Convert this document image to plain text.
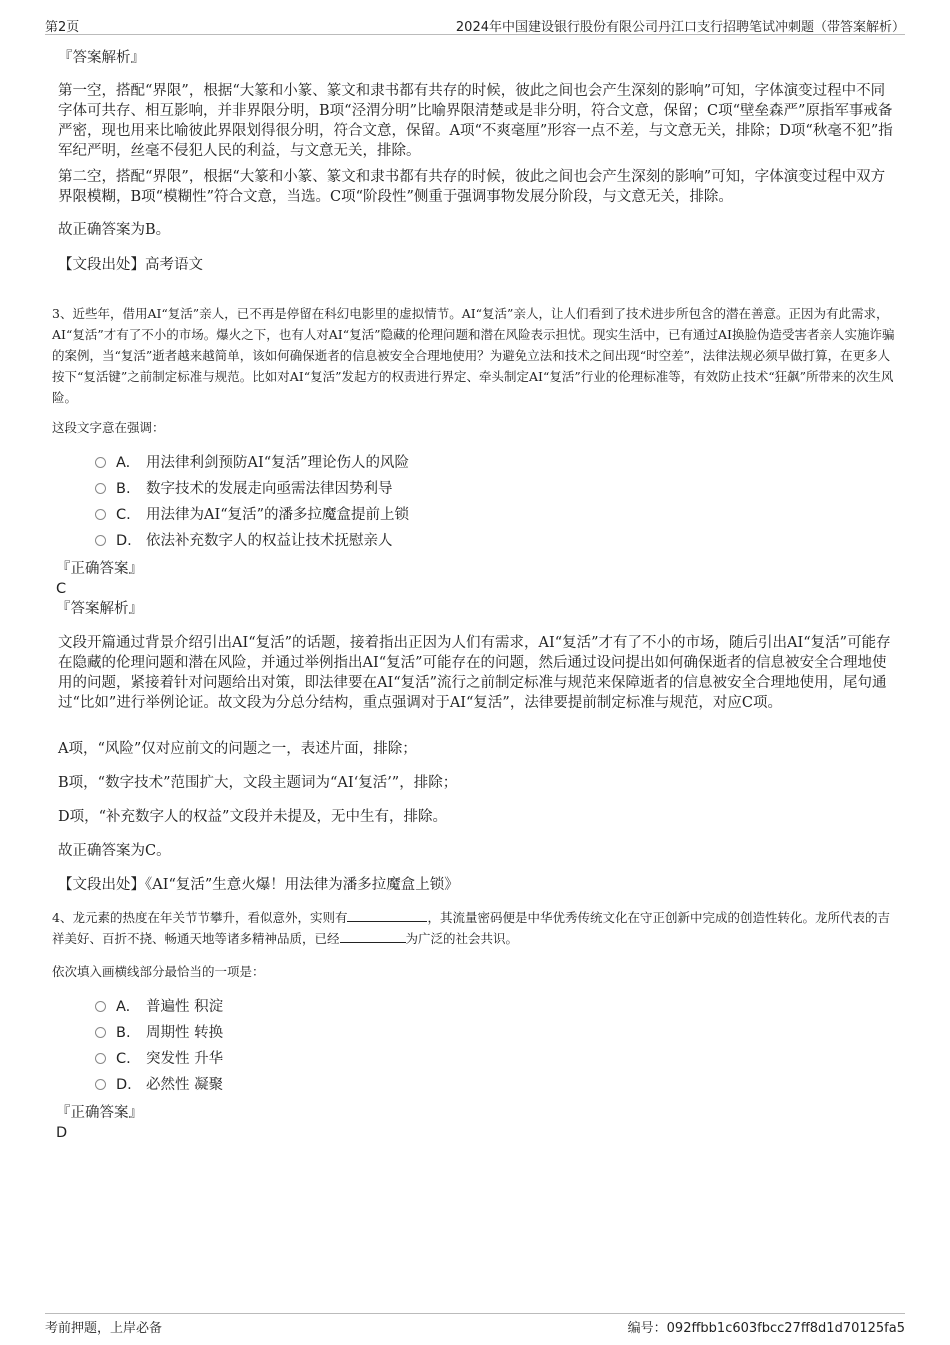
第2页	2024年中国建设银行股份有限公司丹江口支行招聘笔试冲刺题（带答案解析）
『答案解析』

第一空，搭配“界限”，根据“大篆和小篆、篆文和隶书都有共存的时候，彼此之间也会产生深刻的影响”可知，字体演变过程中不同字体可共存、相互影响，并非界限分明，B项“泾渭分明”比喻界限清楚或是非分明，符合文意，保留；C项“壁垒森严”原指军事戒备严密，现也用来比喻彼此界限划得很分明，符合文意，保留。A项“不爽毫厘”形容一点不差，与文意无关，排除；D项“秋毫不犯”指军纪严明，丝毫不侵犯人民的利益，与文意无关，排除。

第二空，搭配“界限”，根据“大篆和小篆、篆文和隶书都有共存的时候，彼此之间也会产生深刻的影响”可知，字体演变过程中双方界限模糊，B项“模糊性”符合文意，当选。C项“阶段性”侧重于强调事物发展分阶段，与文意无关，排除。

故正确答案为B。
【文段出处】高考语文

3、近些年，借用AI“复活”亲人，已不再是停留在科幻电影里的虚拟情节。AI“复活”亲人，让人们看到了技术进步所包含的潜在善意。正因为有此需求，AI“复活”才有了不小的市场。爆火之下，也有人对AI“复活”隐藏的伦理问题和潜在风险表示担忧。现实生活中，已有通过AI换脸伪造受害者亲人实施诈骗的案例，当“复活”逝者越来越简单，该如何确保逝者的信息被安全合理地使用？为避免立法和技术之间出现“时空差”，法律法规必须早做打算，在更多人按下“复活键”之前制定标准与规范。比如对AI“复活”发起方的权责进行界定、牵头制定AI“复活”行业的伦理标准等，有效防止技术“狂飙”所带来的次生风险。

这段文字意在强调：
A. 用法律利剑预防AI“复活”理论伤人的风险
B. 数字技术的发展走向亟需法律因势利导
C. 用法律为AI“复活”的潘多拉魔盒提前上锁
D. 依法补充数字人的权益让技术抚慰亲人
『正确答案』
C
『答案解析』

文段开篇通过背景介绍引出AI“复活”的话题，接着指出正因为人们有需求，AI“复活”才有了不小的市场，随后引出AI“复活”可能存在隐藏的伦理问题和潜在风险，并通过举例指出AI“复活”可能存在的问题，然后通过设问提出如何确保逝者的信息被安全合理地使用的问题，紧接着针对问题给出对策，即法律要在AI“复活”流行之前制定标准与规范来保障逝者的信息被安全合理地使用，尾句通过“比如”进行举例论证。故文段为分总分结构，重点强调对于AI“复活”，法律要提前制定标准与规范，对应C项。

A项，“风险”仅对应前文的问题之一，表述片面，排除；
B项，“数字技术”范围扩大，文段主题词为“AI‘复活’”，排除；
D项，“补充数字人的权益”文段并未提及，无中生有，排除。
故正确答案为C。
【文段出处】《AI“复活”生意火爆！用法律为潘多拉魔盒上锁》

4、龙元素的热度在年关节节攀升，看似意外，实则有	，其流量密码便是中华优秀传统文化在守正创新中完成的创造性转化。龙所代表的吉祥美好、百折不挠、畅通天地等诸多精神品质，已经	为广泛的社会共识。

依次填入画横线部分最恰当的一项是：
A. 普遍性 积淀
B. 周期性 转换
C. 突发性 升华
D. 必然性 凝聚
『正确答案』
D
考前押题，上岸必备	编号：092ffbb1c603fbcc27ff8d1d70125fa5
